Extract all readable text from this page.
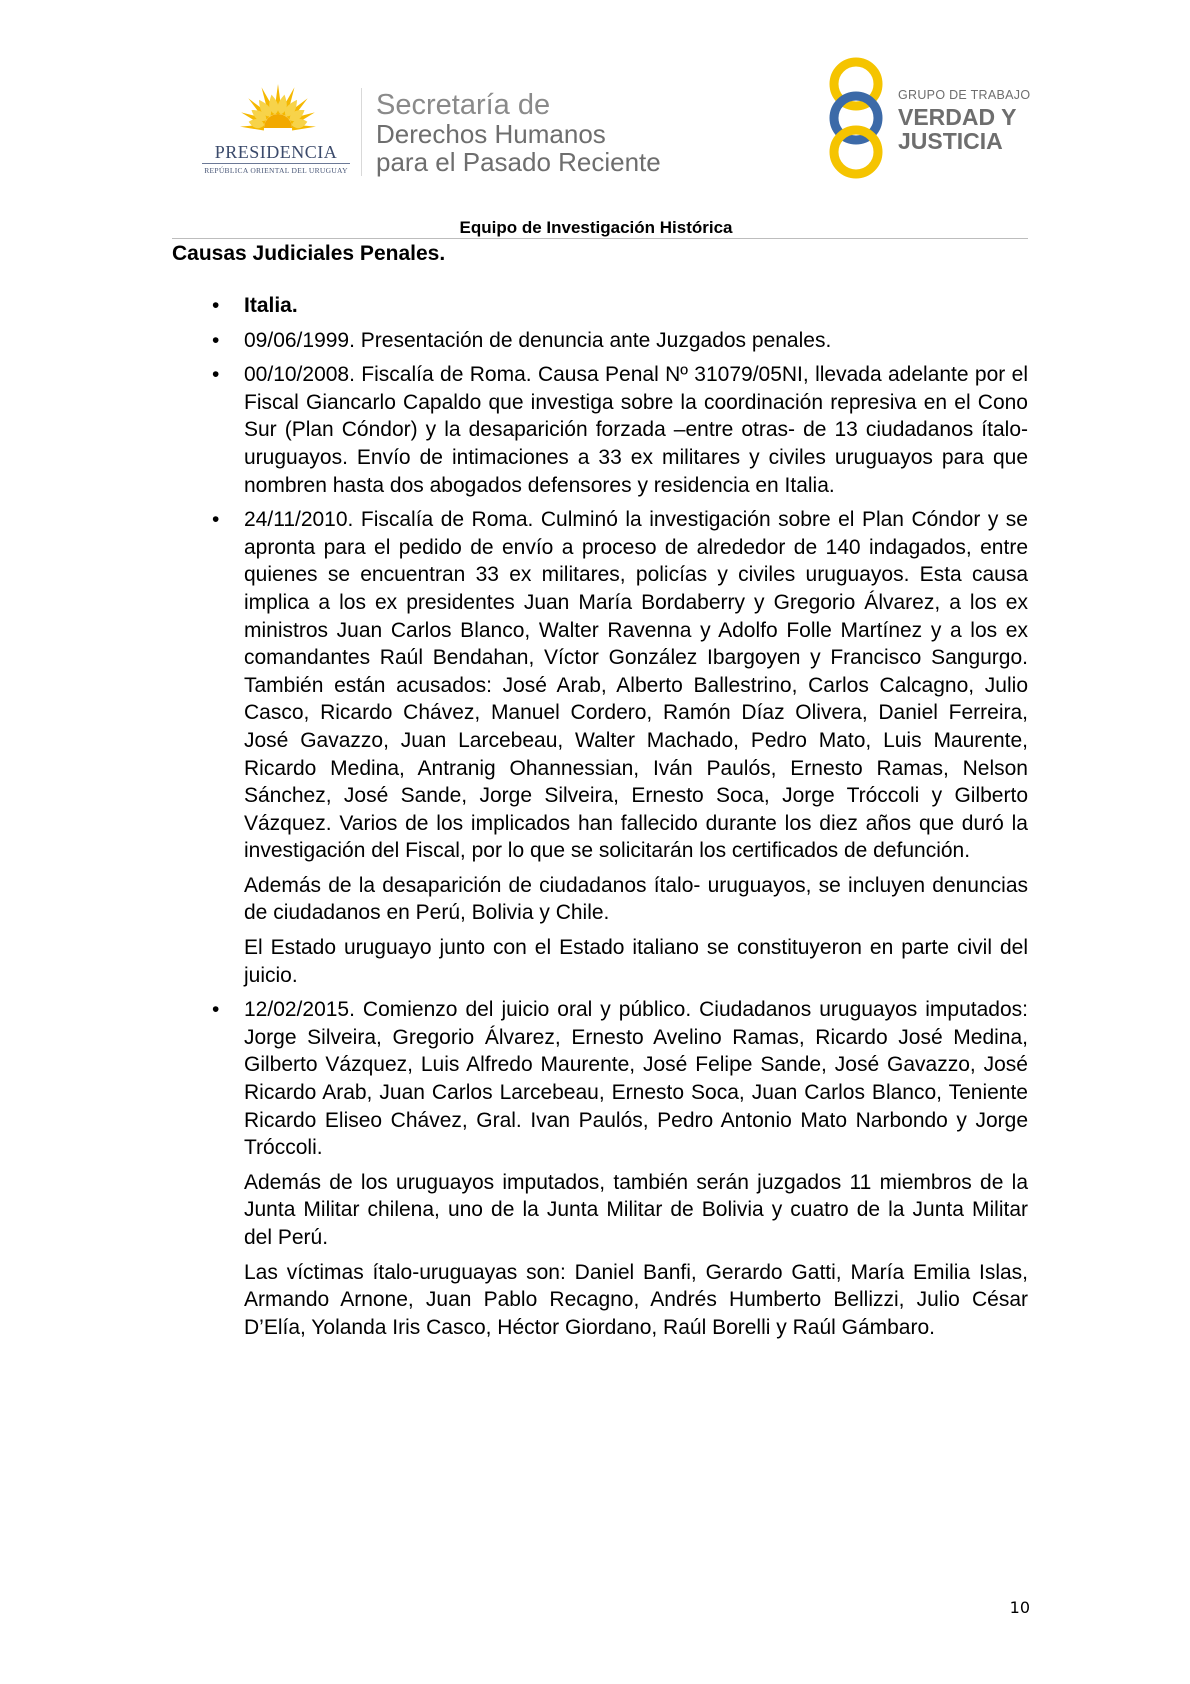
PRESIDENCIA
REPÚBLICA ORIENTAL DEL URUGUAY
Secretaría de
Derechos Humanos
para el Pasado Reciente
GRUPO DE TRABAJO
VERDAD Y
JUSTICIA
Equipo de Investigación Histórica
Causas Judiciales Penales.
• Italia.

• 09/06/1999. Presentación de denuncia ante Juzgados penales.

• 00/10/2008. Fiscalía de Roma. Causa Penal Nº 31079/05NI, llevada adelante por el Fiscal Giancarlo Capaldo que investiga sobre la coordinación represiva en el Cono Sur (Plan Cóndor) y la desaparición forzada –entre otras- de 13 ciudadanos ítalo-uruguayos. Envío de intimaciones a 33 ex militares y civiles uruguayos para que nombren hasta dos abogados defensores y residencia en Italia.

• 24/11/2010. Fiscalía de Roma. Culminó la investigación sobre el Plan Cóndor y se apronta para el pedido de envío a proceso de alrededor de 140 indagados, entre quienes se encuentran 33 ex militares, policías y civiles uruguayos. Esta causa implica a los ex presidentes Juan María Bordaberry y Gregorio Álvarez, a los ex ministros Juan Carlos Blanco, Walter Ravenna y Adolfo Folle Martínez y a los ex comandantes Raúl Bendahan, Víctor González Ibargoyen y Francisco Sangurgo. También están acusados: José Arab, Alberto Ballestrino, Carlos Calcagno, Julio Casco, Ricardo Chávez, Manuel Cordero, Ramón Díaz Olivera, Daniel Ferreira, José Gavazzo, Juan Larcebeau, Walter Machado, Pedro Mato, Luis Maurente, Ricardo Medina, Antranig Ohannessian, Iván Paulós, Ernesto Ramas, Nelson Sánchez, José Sande, Jorge Silveira, Ernesto Soca, Jorge Tróccoli y Gilberto Vázquez. Varios de los implicados han fallecido durante los diez años que duró la investigación del Fiscal, por lo que se solicitarán los certificados de defunción.

Además de la desaparición de ciudadanos ítalo- uruguayos, se incluyen denuncias de ciudadanos en Perú, Bolivia y Chile.

El Estado uruguayo junto con el Estado italiano se constituyeron en parte civil del juicio.

• 12/02/2015. Comienzo del juicio oral y público. Ciudadanos uruguayos imputados: Jorge Silveira, Gregorio Álvarez, Ernesto Avelino Ramas, Ricardo José Medina, Gilberto Vázquez, Luis Alfredo Maurente, José Felipe Sande, José Gavazzo, José Ricardo Arab, Juan Carlos Larcebeau, Ernesto Soca, Juan Carlos Blanco, Teniente Ricardo Eliseo Chávez, Gral. Ivan Paulós, Pedro Antonio Mato Narbondo y Jorge Tróccoli.

Además de los uruguayos imputados, también serán juzgados 11 miembros de la Junta Militar chilena, uno de la Junta Militar de Bolivia y cuatro de la Junta Militar del Perú.

Las víctimas ítalo-uruguayas son: Daniel Banfi, Gerardo Gatti, María Emilia Islas, Armando Arnone, Juan Pablo Recagno, Andrés Humberto Bellizzi, Julio César D’Elía, Yolanda Iris Casco, Héctor Giordano, Raúl Borelli y Raúl Gámbaro.

10
